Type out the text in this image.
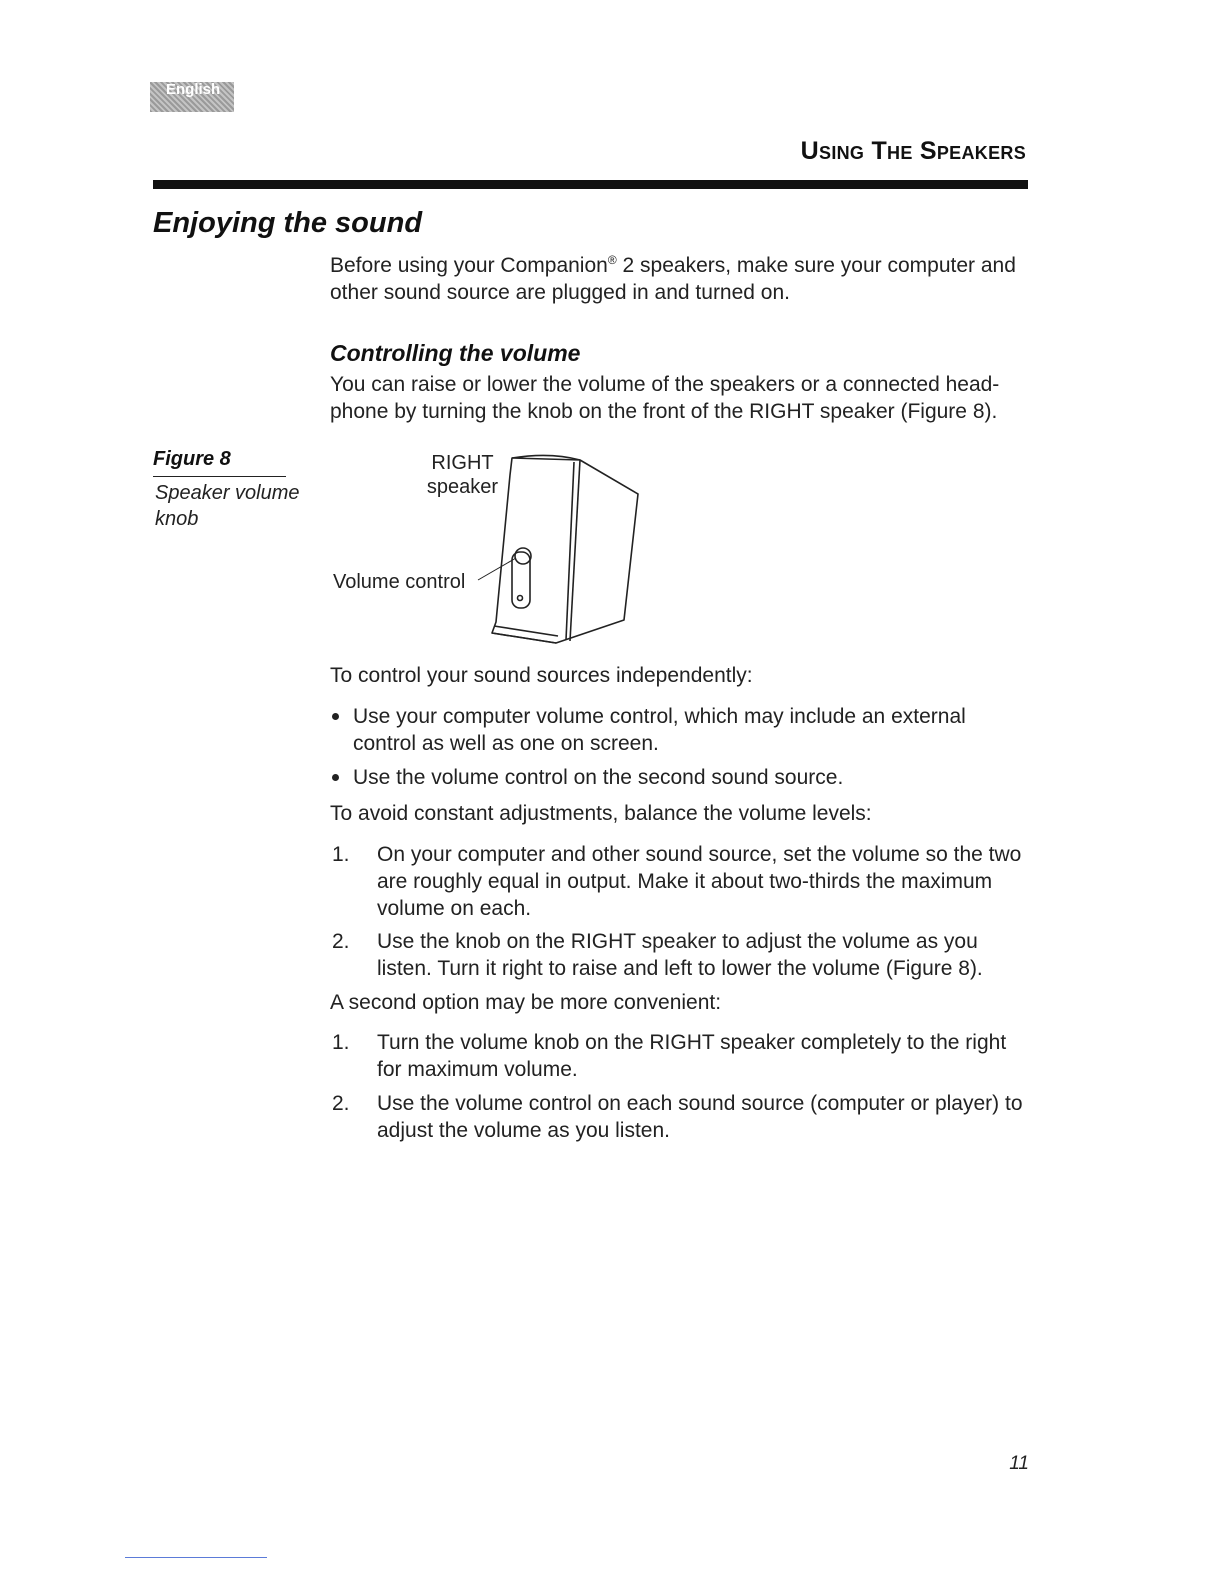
English
Using The Speakers
Enjoying the sound

Before using your Companion® 2 speakers, make sure your computer and other sound source are plugged in and turned on.

Controlling the volume

You can raise or lower the volume of the speakers or a connected head-phone by turning the knob on the front of the RIGHT speaker (Figure 8).

Figure 8
Speaker volume knob
RIGHT
speaker
Volume control

To control your sound sources independently:

Use your computer volume control, which may include an external control as well as one on screen.
Use the volume control on the second sound source.

To avoid constant adjustments, balance the volume levels:

1. On your computer and other sound source, set the volume so the two are roughly equal in output. Make it about two-thirds the maximum volume on each.
2. Use the knob on the RIGHT speaker to adjust the volume as you listen. Turn it right to raise and left to lower the volume (Figure 8).

A second option may be more convenient:

1. Turn the volume knob on the RIGHT speaker completely to the right for maximum volume.
2. Use the volume control on each sound source (computer or player) to adjust the volume as you listen.
11
